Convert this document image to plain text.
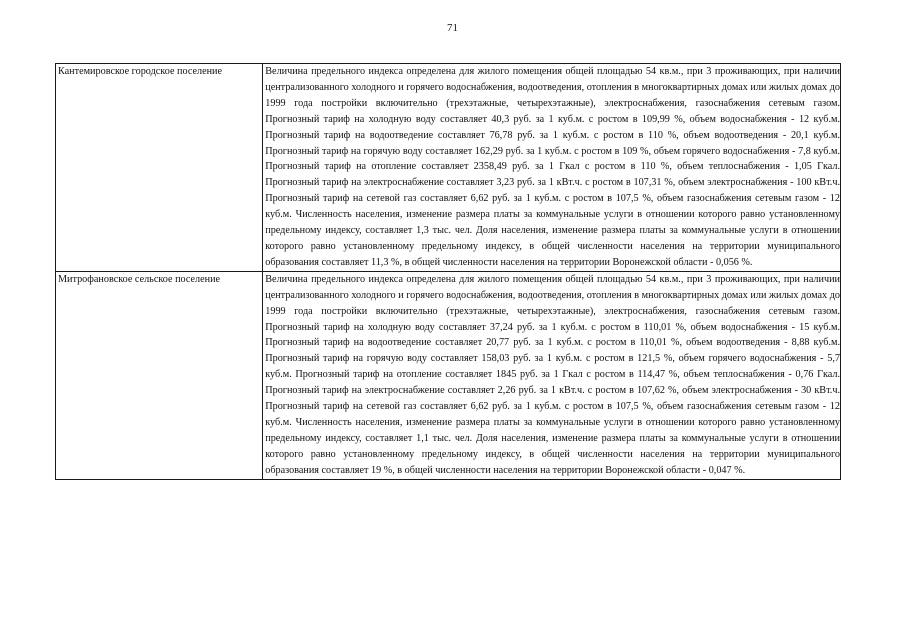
71
Кантемировское городское поселение	Величина предельного индекса определена для жилого помещения общей площадью 54 кв.м., при 3 проживающих, при наличии централизованного холодного и горячего водоснабжения, водоотведения, отопления в многоквартирных домах или жилых домах до 1999 года постройки включительно (трехэтажные, четырехэтажные), электроснабжения, газоснабжения сетевым газом. Прогнозный тариф на холодную воду составляет 40,3 руб. за 1 куб.м. с ростом в 109,99 %, объем водоснабжения - 12 куб.м. Прогнозный тариф на водоотведение составляет 76,78 руб. за 1 куб.м. с ростом в 110 %, объем водоотведения - 20,1 куб.м. Прогнозный тариф на горячую воду составляет 162,29 руб. за 1 куб.м. с ростом в 109 %, объем горячего водоснабжения - 7,8 куб.м. Прогнозный тариф на отопление составляет 2358,49 руб. за 1 Гкал с ростом в 110 %, объем теплоснабжения - 1,05 Гкал. Прогнозный тариф на электроснабжение составляет 3,23 руб. за 1 кВт.ч. с ростом в 107,31 %, объем электроснабжения - 100 кВт.ч. Прогнозный тариф на сетевой газ составляет 6,62 руб. за 1 куб.м. с ростом в 107,5 %, объем газоснабжения сетевым газом - 12 куб.м. Численность населения, изменение размера платы за коммунальные услуги в отношении которого равно установленному предельному индексу, составляет 1,3 тыс. чел. Доля населения, изменение размера платы за коммунальные услуги в отношении которого равно установленному предельному индексу, в общей численности населения на территории муниципального образования составляет 11,3 %, в общей численности населения на территории Воронежской области - 0,056 %.
Митрофановское сельское поселение	Величина предельного индекса определена для жилого помещения общей площадью 54 кв.м., при 3 проживающих, при наличии централизованного холодного и горячего водоснабжения, водоотведения, отопления в многоквартирных домах или жилых домах до 1999 года постройки включительно (трехэтажные, четырехэтажные), электроснабжения, газоснабжения сетевым газом. Прогнозный тариф на холодную воду составляет 37,24 руб. за 1 куб.м. с ростом в 110,01 %, объем водоснабжения - 15 куб.м. Прогнозный тариф на водоотведение составляет 20,77 руб. за 1 куб.м. с ростом в 110,01 %, объем водоотведения - 8,88 куб.м. Прогнозный тариф на горячую воду составляет 158,03 руб. за 1 куб.м. с ростом в 121,5 %, объем горячего водоснабжения - 5,7 куб.м. Прогнозный тариф на отопление составляет 1845 руб. за 1 Гкал с ростом в 114,47 %, объем теплоснабжения - 0,76 Гкал. Прогнозный тариф на электроснабжение составляет 2,26 руб. за 1 кВт.ч. с ростом в 107,62 %, объем электроснабжения - 30 кВт.ч. Прогнозный тариф на сетевой газ составляет 6,62 руб. за 1 куб.м. с ростом в 107,5 %, объем газоснабжения сетевым газом - 12 куб.м. Численность населения, изменение размера платы за коммунальные услуги в отношении которого равно установленному предельному индексу, составляет 1,1 тыс. чел. Доля населения, изменение размера платы за коммунальные услуги в отношении которого равно установленному предельному индексу, в общей численности населения на территории муниципального образования составляет 19 %, в общей численности населения на территории Воронежской области - 0,047 %.
